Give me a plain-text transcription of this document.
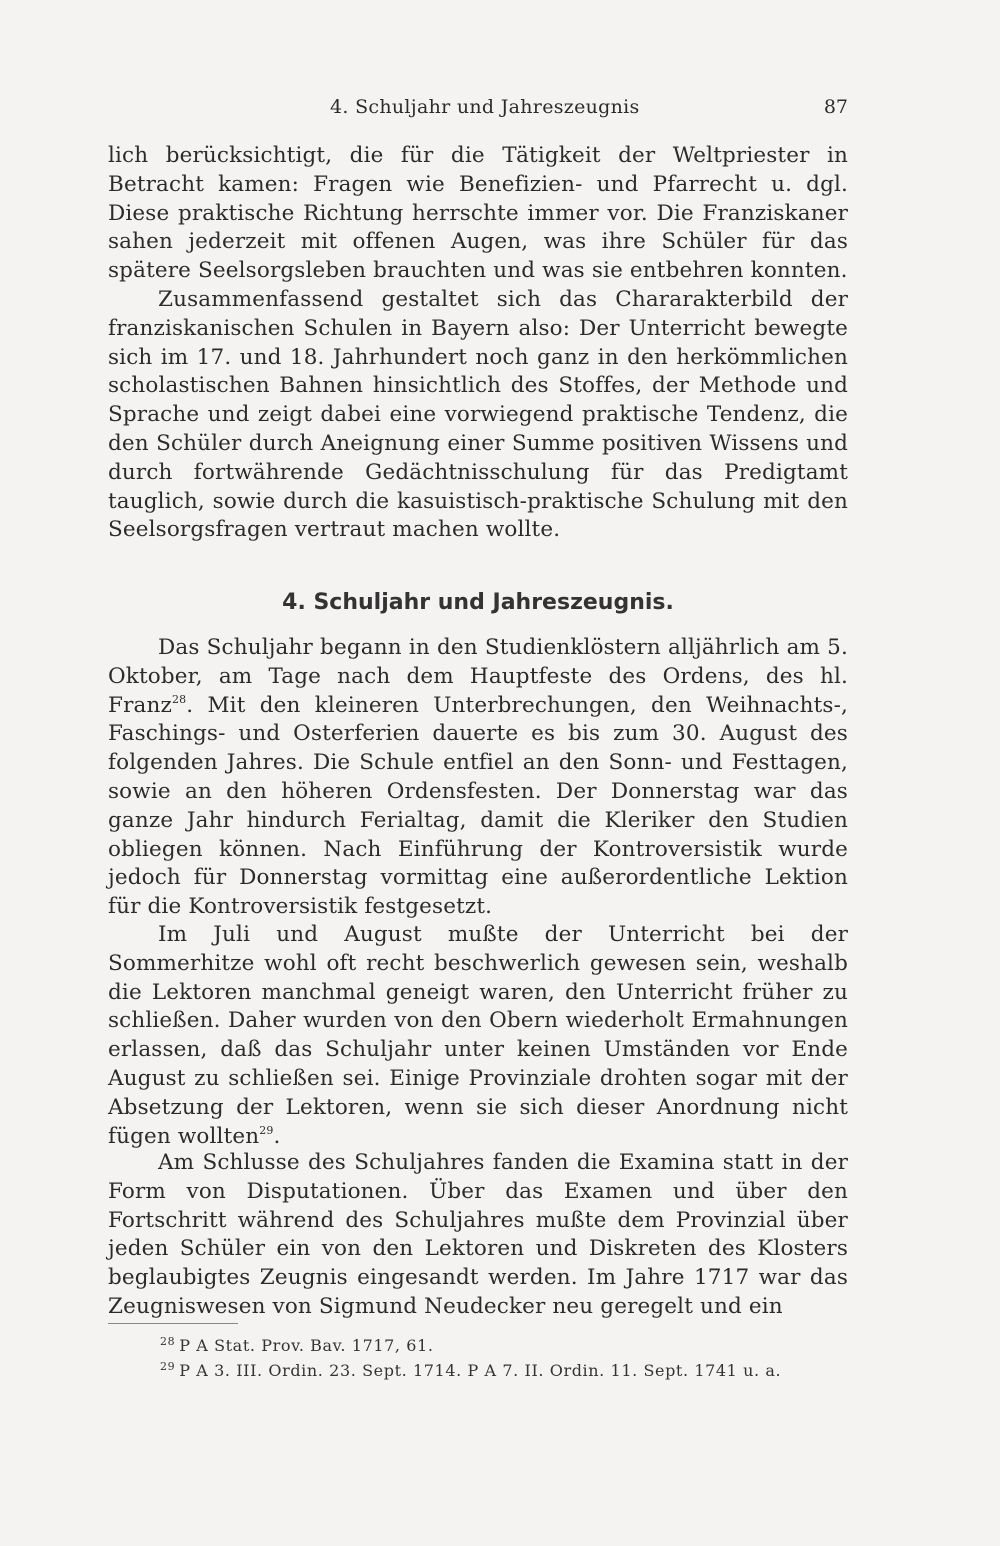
4. Schuljahr und Jahreszeugnis	87
lich berücksichtigt, die für die Tätigkeit der Weltpriester in Betracht kamen: Fragen wie Benefizien- und Pfarrecht u. dgl. Diese praktische Richtung herrschte immer vor. Die Franziskaner sahen jederzeit mit offenen Augen, was ihre Schüler für das spätere Seelsorgsleben brauchten und was sie entbehren konnten.
Zusammenfassend gestaltet sich das Chararakterbild der franziskanischen Schulen in Bayern also: Der Unterricht bewegte sich im 17. und 18. Jahrhundert noch ganz in den herkömmlichen scholastischen Bahnen hinsichtlich des Stoffes, der Methode und Sprache und zeigt dabei eine vorwiegend praktische Tendenz, die den Schüler durch Aneignung einer Summe positiven Wissens und durch fortwährende Gedächtnisschulung für das Predigtamt tauglich, sowie durch die kasuistisch-praktische Schulung mit den Seelsorgsfragen vertraut machen wollte.
4. Schuljahr und Jahreszeugnis.
Das Schuljahr begann in den Studienklöstern alljährlich am 5. Oktober, am Tage nach dem Hauptfeste des Ordens, des hl. Franz$^{28}$. Mit den kleineren Unterbrechungen, den Weihnachts-, Faschings- und Osterferien dauerte es bis zum 30. August des folgenden Jahres. Die Schule entfiel an den Sonn- und Festtagen, sowie an den höheren Ordensfesten. Der Donnerstag war das ganze Jahr hindurch Ferialtag, damit die Kleriker den Studien obliegen können. Nach Einführung der Kontroversistik wurde jedoch für Donnerstag vormittag eine außerordentliche Lektion für die Kontroversistik festgesetzt.
Im Juli und August mußte der Unterricht bei der Sommerhitze wohl oft recht beschwerlich gewesen sein, weshalb die Lektoren manchmal geneigt waren, den Unterricht früher zu schließen. Daher wurden von den Obern wiederholt Ermahnungen erlassen, daß das Schuljahr unter keinen Umständen vor Ende August zu schließen sei. Einige Provinziale drohten sogar mit der Absetzung der Lektoren, wenn sie sich dieser Anordnung nicht fügen wollten$^{29}$.
Am Schlusse des Schuljahres fanden die Examina statt in der Form von Disputationen. Über das Examen und über den Fortschritt während des Schuljahres mußte dem Provinzial über jeden Schüler ein von den Lektoren und Diskreten des Klosters beglaubigtes Zeugnis eingesandt werden. Im Jahre 1717 war das Zeugniswesen von Sigmund Neudecker neu geregelt und ein
$^{28}$ P A Stat. Prov. Bav. 1717, 61.
$^{29}$ P A 3. III. Ordin. 23. Sept. 1714. P A 7. II. Ordin. 11. Sept. 1741 u. a.
